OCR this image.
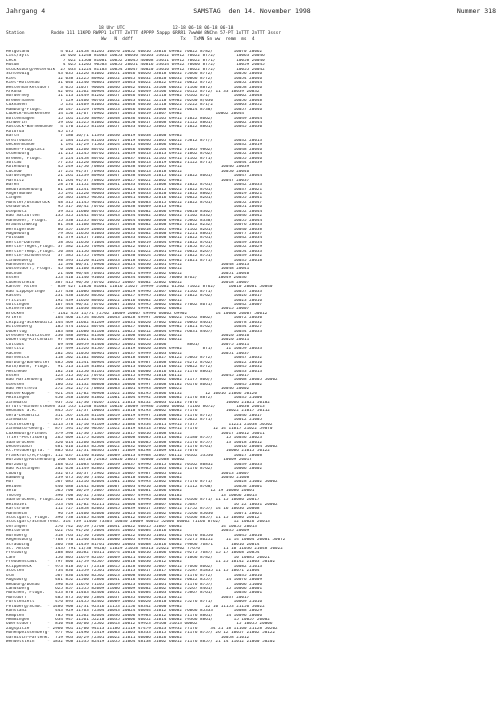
Jahrgang 4	SAMSTAG  den 14. November 1998	Nummer 318
18 Uhr UTC                  12-18 06-18 06-18 06-18
Station          Rodde 111 11KPD RWPP1 1sTTT ZeTTT 4PPPP 5appp 6RRR1 7wwWW 8NChn 57-PT 1xTTT 2nTTT 3sssr
Ww   N  ddff                  Tx   TxMN Sn ww  remm  ms  4
Helgoland            4 015 11458 81205 10070 20052 40016 53016 69902 70022 8782/        10070 20062
List/Sylt            26 020 11240 81003 10053 00036 40103 53012 69912 70022 8772/        10063 20046
Leck                  7 022 11560 81001 10052 20045 40008 53011 69912 70022 8771/        10058 20040
Husum                 4 025 11205 90503 10055 20051 40016 53014 69922 70066 8772/        10059 20045
Glücksburg/Meierwik  27 033 11224 81103 10054 20047 40020 53016 69912 70022 8772/        10055 20042
Schleswig           43 035 11226 81002 10051 20046 40026 53018 60032 75666 8772/        10056 20046
Kiel                12 038 11225 80902 10052 20045 40032 53020 60032 70066 8772/        10054 20046
Kiel-Holtenau       31 046 11240 90801 10049 20043 40022 53022 69912 70022 8772/        10052 20044
Westermarkelsdorf    3 055 11057 90604 10046 20042 40031 53108 60032 71166 8872/        10058 20046
Arkona              42 091 11562 80904 10035 20022 40049 53106 60022 70122 8772/ 11 33 10039 20032
Norderney           11 113 11449 81202 10057 20046 40017 52110 69902 76162 871/         10062 20048
Bremerhaven          7 129 11460 90703 10052 20043 40012 52110 69902 70260 8/030        10056 20048
Cuxhaven             5 131 11469 81005 10062 20048 40010 52110 60022 75222 871/2        10063 20052
Hamburg-Flugh.      10 147 11529 70904 10053 20046 40010 53008 69912 70024 8730/        10057 20046
Lübeck-Blankensee   14 156 11/67 70902 10047 20043 40019 51007 69902             10062 20044
Boltenhagen         15 161 11550 80907 10048 20036 40031 53105 69912 71022 8662/        10049 20044
Schwerin            59 162 11525 81002 10062 20050 40017 53008 60032 71122 8861/        10062 20044
Rostock-Warnemünde   4 170 11225 81103 10057 20033 40015 53005 69902 71022 8861/        10045 20030
Rotorua             45 175
Barth                7 180 16//1 11393 10030 20019 40038 51000 69902
Greifswald           2 184 11224 81103 10027 20019 40046 51005 60012 75812 877//        10032 20013
Ueckermünde          1 191 11/29 71505 10024 20015 40046 51006 60012                    10032 20019
Emden-Flugplatz      0 200 11260 80702 10047 20046 40000 52104 69902 71065 9862/        10048 20046
Oldenburg           11 215 11245 80702 10051 20039 40013 51013 69912 71062 8762/        10052 20044
Bremen, Flugh.       3 224 11458 80702 10052 20037 40011 52105 69912 71162 8771/        10055 20046
Soltau              77 235 11220 80602 10046 20038 40013 51019 60002 71122 8771/        10044 20039
Rotenburg           45 249 11/50 /0803 10046 20038 40019 52005 69912               10046 20039
Lüchow              17 251 91/37 /0903 10051 20046 40013 51018 60012               10050 20046
Gardelegen          21 261 11239 80903 10047 20038 40028 51015 60012 71022 8661/        10047 20044
Marnitz             81 264 91/37 /0802 10039 20027 40022 52002 69902               10047 20037
Waren               28 270 11152 80804 10041 20033 40031 51008 60002 71022 8761/        10042 20033
Neubrandenburg      81 280 11241 80905 10026 20021 40033 53015 60022 71022 8761/        10037 20021
Angermünde          55 291 11220 90603 10024 20019 40033 52020 60012 71022 8802/        10029 20021
Lingen              26 305 11045 90501 10053 20041 40005 52016 60012 70022 8261/        10055 20041
Münster/Osnabrück   48 315 11145 90401 10051 20050 40003 52015 60012 71022 8761/        10052 20047
Osnabrück           95 317 10/42 /0702 10050 20038 40009 52013 69902                    10051 20046
Diepholz            39 321 11600 80705 10055 20044 40002 52006 69902 70020 8302/        10052 20044
Bad Salzuflen      135 325 11442 80701 10043 20034 40002 52005 60032 71102 8332/        10046 20042
Hannover, Flugh.    55 338 11235 80702 10050 20044 40000 53000 69902 75862 8330/        10055 20044
Braunschweig        81 348 11160 80901 10057 20048 40002 52000 69902 71022 8232/        10076 20033
Wernigerode         86 357 11059 20803 10048 20038 40018 52005 69902 71162 8261/        10040 20038
Magdeburg           79 361 11656 81003 10050 20035 40002 54000 69902 71221 8861/        10077 20037
Potsdam             81 379 11457 71001 10038 20033 40023 54000 60012 71022 8761/        10042 20034
Berlin-Dahlem       58 361 11650 71004 10038 20029 40019 53004 69902 71022 8761/        10039 20034
Berlin-Tegel,Flugh. 37 382 11156 70904 10043 20022 40017 50002 69902 71052 8751/        10052 20029
Berlin-Temp.,Flugh. 50 384 11156 80803 10039 20031 40022 54001 69912 70022 8267/        10054 20033
Berlin-Schönefeld   37 385 11755 70904 10037 20030 40024 55005 60012 71022 8751/        10039 20032
Lindenberg          98 393 11220 81204 10033 20018 40025 51001 69902 71021 8771/        10035 20018
Hannoversch         12 396 00/31 /0906 10023 20024 40030 52001 69912               10048 20013
Düsseldorf, Flugh.  45 400 11160 81002 10047 20037 40000 52003 60012               10048 20041
Bochum              21 400 90/48 /0401 10050 20041 49999 52002 60012               10051 20040
Essen              153 410 11140 91003 10046 20034 40004 51002 70006 8762/        10049 20036
Lüdenscheid        387 415 90/50 /0702 10015 20007 40002 52002 60012               10018 20007
Kahler Asten     *  839 427 11056 81001 11016 21027 39999 51002 61502 71022 8762/     10010 20001 50040
Bad Lippspringe    157 430 11006 80801 10049 20029 49996 52007 60012 71162 8771/        10057 20033
Kassel             231 438 11056 80502 10022 20027 49995 51005 60012 71022 8762/        10026 20017
Fritzlar           192 439 11620 80402 10022 20016 40002 52007 60012                    10023 20016
Göttingen          167 444 90/32 /0702 10007 21003 49995 50002 60002 77062 8671/        10042 20007
Leinefelde         356 448 11030 80302 10011 20005 49991 50002 60002               10015 20007
Brocken           * 1142 453 11/71 /2702 10009 20007 49996 60002 69902           14 10006 20007 50012
Artern             164 460 11754 80504 10043 20028 49997 50002 60022 76262 8062/        10072 20030
Leipzig-Schkeuditz 144 469 11662 81209 10039 20031 40020 57002 60012 70065 8461/        10078 20032
Wittenberg         105 474 11622 80704 10033 20027 40001 58006 69902 71021 8762/        10034 20027
Doberlug           103 480 11600 81108 10031 20025 40012 58004 69902 76031 8467/        10034 20033
Dresden-Klotzsche  230 488 10962 81306 10020 21008 40018 52002 60012               10020 20016
Doberlug-Kirchhain  97 490 11021 81402 10025 20005 40015 51001 60012               10020 20011
Cottbus             69 498 10959 81406 10045 20001 40020 53006        8861/        10075 20011
Görlitz            237 499 11526 81507 10025 21019 40020 52004 69902        871/     11 10059 20033
Aachen             202 501 11056 80901 10047 20037 49999 52003 60012               10051 20037
Nörvenich          118 502 11162 80602 10026 20018 40007 52027 60122 75065 8772/        10047 20032
Nürburg/Barweiler  485 506 11541 80904 10019 20016 49987 51008 60012 74272 8762/        10022 20016
Köln/Bonn, Flugh.   91 513 11118 81801 10020 20013 40020 51016 60012 70022 8772/        10045 20032
Meschede           182 516 11250 81101 10018 20016 40000 51016 60112 71176 8861/        10033 20013
Essen              123 515 16/22 /0701 10013 20015 49996 51018 60112               10045 20017
Bad Marienberg     546 526 11229 90703 10001 21005 49982 50002 60002 71177 866//        10008 20005 50002
Giessen            186 532 11132 80800 10003 20000 49997 53008 60102 76176 8661/        10045 20002
Bad Hersfeld       272 542 11/72 /0803 10003 21001 49993 50009 60022               10046 20002
Wasserkuppe     *  921 544 11/02 90908 11022 21002 48295 54006 60132         12 10016 21006 50120
Meiningen          450 548 11030 81802 11001 21004 49992 53008 60002 71176 8872/        10035 21000
Zinnwald        *  937 552 11/30 70207 11021 21013 48232 50003 62102 77076           10066 21021 50102
Erfurt-Bindersleben 323 555 11240 81003 10026 20009 49986 51006 60002 71166 8672/        10030 20013
Neuhaus a.R.    *  845 557 11/37 10003 11004 21010 49293 50002 60002 77176           10022 21017 50112
Gera-Leumnitz      311 567 11458 81104 10019 20019 49997 51008 60002 71176 8772/        10046 20017
Zinnwald           877 578 11132 81406 10009 21007 49993 50008 60012 75022 8771/        10012 21005
Fichtelberg     * 1213 578 11/10 91109 11085 21086 49334 55011 69912 77377            11221 21038 50502
Zinnwald-Georg. *  877 591 11/30 90507 11022 21019 48313 57002 69912 77176      12 14 11017 21022 59070
Luxemburg/Findel   379 590 11/30 /1307 10010 21017 40016 51008 60312               10017 20012 50011
Trier-Petrisberg   265 609 11175 82604 10035 20008 40005 53013 60002 72180 8757/     15 10036 20023
Saarbrücken        320 614 11260 82804 20018 20016 40005 52008 60002 72176 8757/     13 10018 20012
Deuselbach         481 616 11263 82506 10022 20032 40029 52008 60002 71176 8761/        10016 20004 50002
Kl.Feldberg/Ta. *  805 635 11/31 80305 11007 21009 48298 51009 60112 77676           10006 21015 50122
Frankfurt/M,Flugh. 112 637 11140 81602 10009 20013 49988 52007 60112 70162 53530        10027 20008
Würzburg/Rothenburg 268 648 16/20 /2405 10026 20017 40000 52008 60002               10009 20017
Würzburg           268 655 11083 63007 10039 20037 49996 53015 60002 70162 80832        10039 20033
Bad Kissingen      282 658 11149 82801 10006 20002 49985 52003 60002 71176 8762/        10006 20002
Coburg             332 675 16/37 /2902 10013 20007 49987 50005 60012               10013 20007
Bamberg            239 675 16/30 /1402 10002 20010 40005 53008 60002               10046 21008
Hof                567 685 11216 82004 11001 21002 49993 52002 60002 77176 8771/        10028 21002 50002
Weiden             440 688 11442 82006 10007 20003 49010 52006 60002 71112 8760/        10058 20001
Selb               565 700 10/29 /2007 10033 20026 40001 52006 60002           12 19 10080 20001
Tholey             390 708 16/32 /2401 10016 20007 49993 52003 60102               13 10066 20013
Saarbrücken, Flugh.322 708 11570 82007 10030 20031 49996 58000 60002 76166 8771/ 11 15 10086 20017
Weinbiet           553 704 11/02 92211 10012 20008 48999 58007 60062 75687              16 22 10031 20002
Karlsruhe          112 727 11858 82005 10045 20039 40017 53007 60012 71752 8757/ 14 16 10036 20008
Mannheim            96 729 11460 82006 10030 20023 40014 53002 60002 75266 85030        10071 20021
Stuttgart, Flugh.  396 738 11465 82408 10061 20012 40019 52007 60062 76166 8857/ 11 15 10086 20012
Stuttgart/Schnarrenb. 314 739 11460 73303 10030 20009 40015 52006 60002 71166 8762/     12 10026 20013
Öhringen           276 742 16/59 /2708 10041 20022 40015 51007 60002               14 10055 20013
Heilbronn          622 761 91/20 /2004 10034 20005 40004 51016 60002               10035 20009
Nürnberg           318 763 11/50 72604 10009 20022 40016 51001 60062 76176 86550        10045 20010
Regensburg        *768 770 11540 81401 10000 20005 49993 50002 60002 75275 86252     11 14 10004 20001 50072
Straubing          366 788 11439 81701 10006 20003 40008 52016 60002 79866 76871       10016 20014
St. Anton        * 1437 791 11/30 9420/ 11029 21058 48313 52022 69902 77676         11 10 11036 21048 50022
Freiburg           208 803 10582 70311 10074 20016 40016 51006 60062 79275 7687/ 15 17 10068 20054
Lahr               156 805 11679 82107 10069 20021 40016 58007 60002 71066 8782/        10 10085 20021
Freudenstadt    *  797 806 11/59 92507 10066 20018 40030 55012 60002             11 25 10142 21003 50102
Klippeneck      *  973 818 16/17 /2310 10015 21028 40030 55007 60012 77666 8662/        10082 21013
Stötten            734 836 11559 72501 10016 21013 40017 51017 60002 75287 81835 11 15 10071 21004
Ulm                567 836 11440 82502 10023 20008 40016 53008 60002 71176 8772/        10035 20016
Augsburg           461 852 11560 72806 10041 20016 40034 52002 60002 70022 8557/     14 10076 20009
Neuburg/Donau      390 853 11670 71105 10039 20023 40044 52001 60002 71176 8757/        10066 21006
Landsberg          625 857 11555 82009 11006 20009 40002 52002 60002 75267 8461/     15 10066 20001
München, Flugh.    453 870 11463 82406 10051 20014 40004 51003 60002 75867 8761/        10036 20001
Mühldorf           405 875 16/60 /2804 10037 20035 40046 55023 60012               10037 20017
Fürstenzell        476 893 11455 82402 10009 20005 40020 53010 60002 75276 8771/        10069 21016
Feldberg/Schw.  * 1486 908 11/31 92316 11153 21156 48342 55000 69902         22 10 11153 21156 50022
Konstanz           443 929 11763 72304 10043 20024 40044 51012 60002 76066 85333        10088 20029
Kempten            705 946 11562 82604 10036 20006 49983 52012 60002 71176 8861/     14 10096 20006
Memmingen          634 947 11561 52210 10035 20006 40052 51014 60002 79366 8861/        15 10057 20002
Oberstdorf      *  810 948 16/60 /2502 10013 20012 49923 59160 51013 60062               15 10055 20006
Zugspitze       * 2960 961 11/00 94113 11186 21119 47479 55023 69932 77176     34 21 18 11160 21128 50202
Hohenpeissenberg*  977 962 11490 72419 10003 21003 48333 51015 60002 71176 8757/ 26 12 10057 21002 50122
Garmisch-Partenk.  719 963 16/29 /2301 10022 21011 40006 51026 60062               10058 21012
Wendelstein     * 1832 968 11535 82419 11055 21064 48138 51002 60012 71176 8857/ 21 14 11012 21060 50202
